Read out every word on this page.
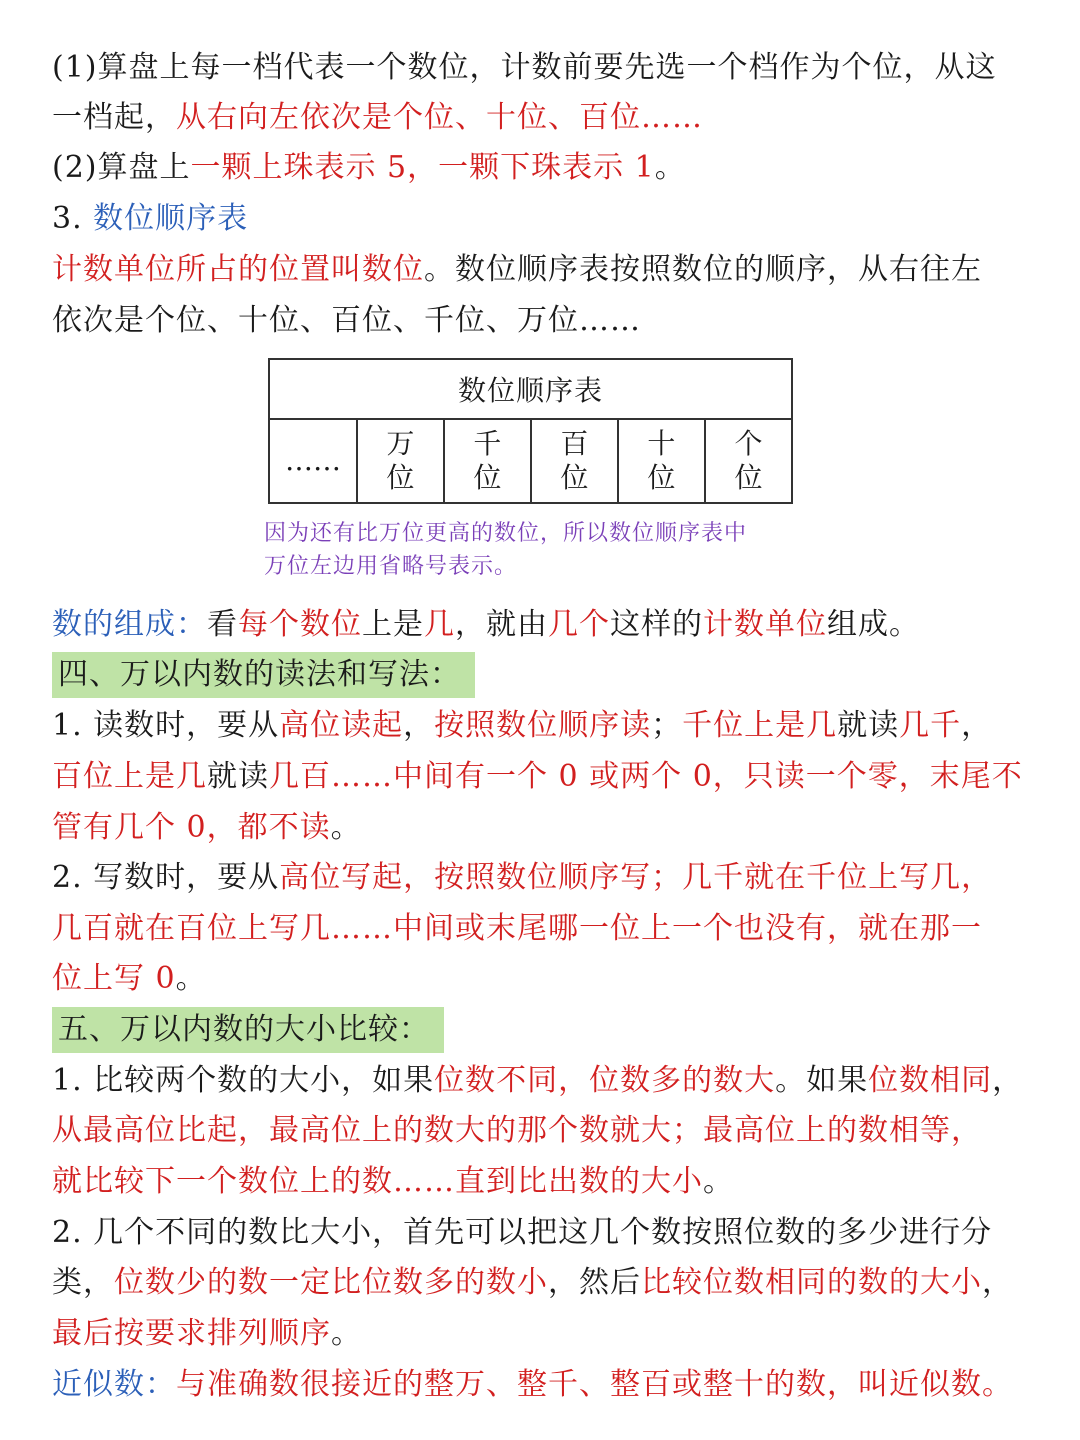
(1)算盘上每一档代表一个数位，计数前要先选一个档作为个位，从这
一档起，从右向左依次是个位、十位、百位……
(2)算盘上一颗上珠表示 5，一颗下珠表示 1。
3. 数位顺序表
计数单位所占的位置叫数位。数位顺序表按照数位的顺序，从右往左
依次是个位、十位、百位、千位、万位……
数位顺序表
……	万位	千位	百位	十位	个位
因为还有比万位更高的数位，所以数位顺序表中
万位左边用省略号表示。
数的组成：看每个数位上是几，就由几个这样的计数单位组成。
四、万以内数的读法和写法：
1. 读数时，要从高位读起，按照数位顺序读；千位上是几就读几千，
百位上是几就读几百……中间有一个 0 或两个 0，只读一个零，末尾不
管有几个 0，都不读。
2. 写数时，要从高位写起，按照数位顺序写；几千就在千位上写几，
几百就在百位上写几……中间或末尾哪一位上一个也没有，就在那一
位上写 0。
五、万以内数的大小比较：
1. 比较两个数的大小，如果位数不同，位数多的数大。如果位数相同，
从最高位比起，最高位上的数大的那个数就大；最高位上的数相等，
就比较下一个数位上的数……直到比出数的大小。
2. 几个不同的数比大小，首先可以把这几个数按照位数的多少进行分
类，位数少的数一定比位数多的数小，然后比较位数相同的数的大小，
最后按要求排列顺序。
近似数：与准确数很接近的整万、整千、整百或整十的数，叫近似数。
